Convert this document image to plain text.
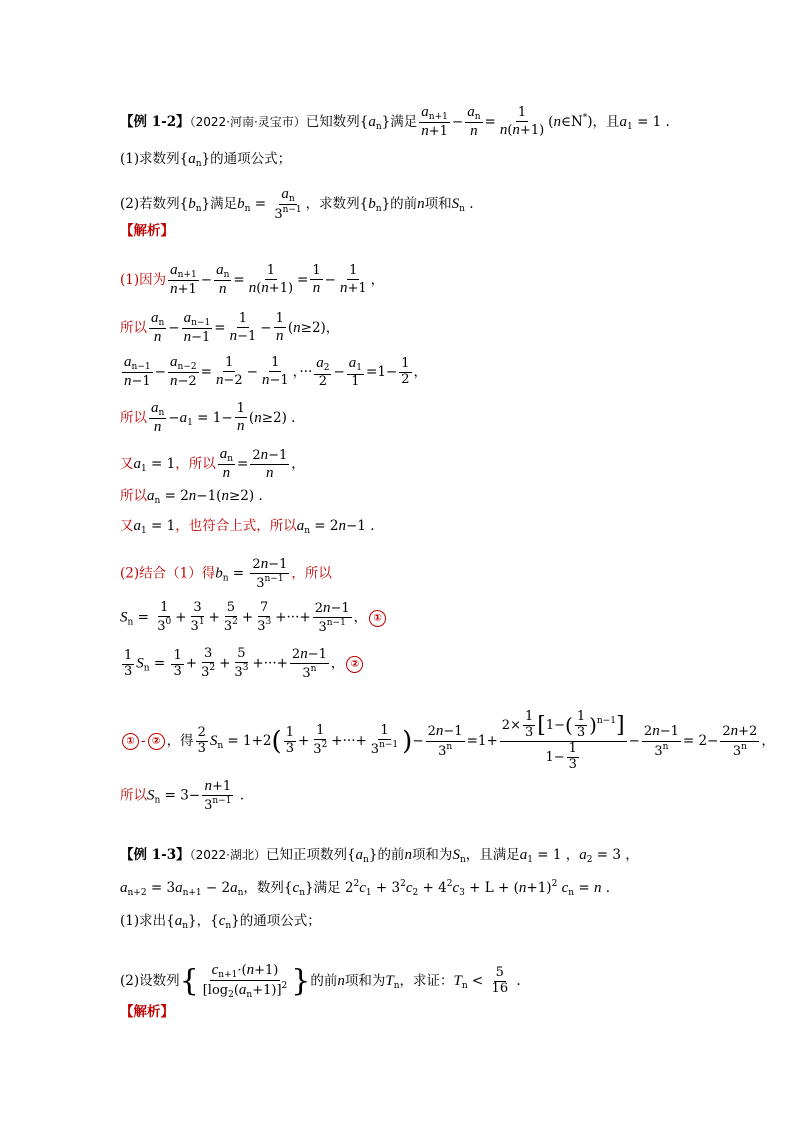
【例 1-2】（2022·河南·灵宝市）已知数列$\{a_n\}$满足 $\frac{a_{n+1}}{n+1} - \frac{a_n}{n} = \frac{1}{n(n+1)}$ (n∈N*)，且$a_1 = 1$ .
(1)求数列$\{a_n\}$的通项公式；
(2)若数列$\{b_n\}$满足$b_n = \frac{a_n}{3^{n-1}}$ ，求数列$\{b_n\}$的前n项和$S_n$ .
【解析】
(1)因为 $\frac{a_{n+1}}{n+1} - \frac{a_n}{n} = \frac{1}{n(n+1)} = \frac{1}{n} - \frac{1}{n+1}$ ，
所以 $\frac{a_n}{n} - \frac{a_{n-1}}{n-1} = \frac{1}{n-1} - \frac{1}{n} (n\ge 2)$，
$\frac{a_{n-1}}{n-1} - \frac{a_{n-2}}{n-2} = \frac{1}{n-2} - \frac{1}{n-1}$ ，··· $\frac{a_2}{2} - \frac{a_1}{1} =1- \frac{1}{2}$ ，
所以 $\frac{a_n}{n} -a_1 = 1- \frac{1}{n} (n\ge 2)$ .
又$a_1 = 1$，所以 $\frac{a_n}{n} = \frac{2n-1}{n}$ ，
所以$a_n = 2n-1(n\ge 2)$ .
又$a_1 = 1$，也符合上式，所以$a_n = 2n-1$ .
(2)结合（1）得$b_n = \frac{2n-1}{3^{n-1}}$ ，所以
$S_n = \frac{1}{3^0} + \frac{3}{3^1} + \frac{5}{3^2} + \frac{7}{3^3}$ +···+ $\frac{2n-1}{3^{n-1}}$ ， ①
$\frac{1}{3} S_n = \frac{1}{3} + \frac{3}{3^2} + \frac{5}{3^3}$ +···+ $\frac{2n-1}{3^n}$ ， ②
① - ② ，得 $\frac{2}{3} S_n = 1+2( \frac{1}{3} + \frac{1}{3^2}$ +···+ $\frac{1}{3^{n-1}}$ )− $\frac{2n-1}{3^n} =1+ \frac{2\times \frac{1}{3} [1-( \frac{1}{3} )^{n-1}]}{1- \frac{1}{3}} - \frac{2n-1}{3^n} = 2- \frac{2n+2}{3^n}$ ，
所以$S_n = 3- \frac{n+1}{3^{n-1}}$ .
【例 1-3】（2022·湖北）已知正项数列$\{a_n\}$的前n项和为$S_n$，且满足$a_1 = 1$ ，$a_2 = 3$ ，
$a_{n+2} = 3a_{n+1} - 2a_n$，数列$\{c_n\}$满足 $2^2c_1 + 3^2c_2 + 4^2c_3 + L + (n+1)^2$ $c_n = n$ .
(1)求出$\{a_n\}$，$\{c_n\}$的通项公式；
(2)设数列{ $\frac{c_{n+1}\cdot(n+1)}{[\log_2(a_n+1)]^2}$ }的前n项和为$T_n$，求证：$T_n < \frac{5}{16}$ .
【解析】
